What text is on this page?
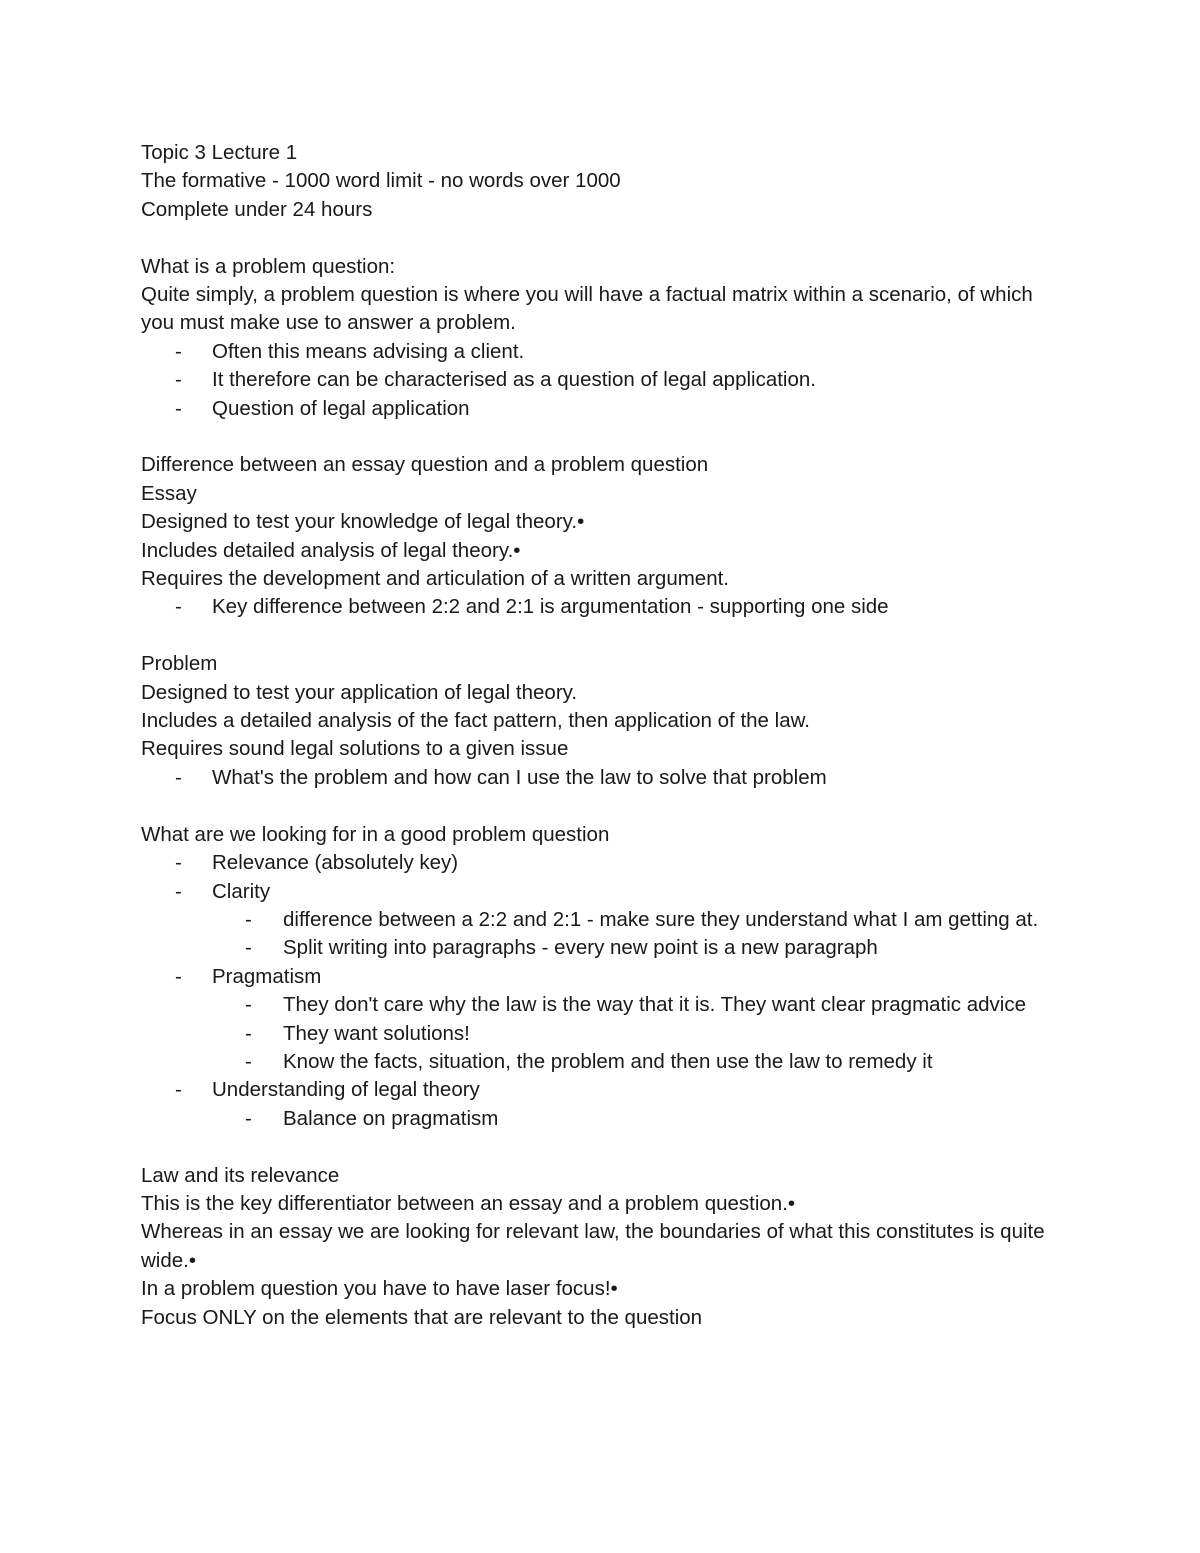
Topic 3 Lecture 1
The formative - 1000 word limit - no words over 1000
Complete under 24 hours
What is a problem question:
Quite simply, a problem question is where you will have a factual matrix within a scenario, of which you must make use to answer a problem.
- Often this means advising a client.
- It therefore can be characterised as a question of legal application.
- Question of legal application
Difference between an essay question and a problem question
Essay
Designed to test your knowledge of legal theory.•
Includes detailed analysis of legal theory.•
Requires the development and articulation of a written argument.
- Key difference between 2:2 and 2:1 is argumentation - supporting one side
Problem
Designed to test your application of legal theory.
Includes a detailed analysis of the fact pattern, then application of the law.
Requires sound legal solutions to a given issue
- What's the problem and how can I use the law to solve that problem
What are we looking for in a good problem question
- Relevance (absolutely key)
- Clarity
- difference between a 2:2 and 2:1 - make sure they understand what I am getting at.
- Split writing into paragraphs - every new point is a new paragraph
- Pragmatism
- They don't care why the law is the way that it is. They want clear pragmatic advice
- They want solutions!
- Know the facts, situation, the problem and then use the law to remedy it
- Understanding of legal theory
- Balance on pragmatism
Law and its relevance
This is the key differentiator between an essay and a problem question.•
Whereas in an essay we are looking for relevant law, the boundaries of what this constitutes is quite wide.•
In a problem question you have to have laser focus!•
Focus ONLY on the elements that are relevant to the question
